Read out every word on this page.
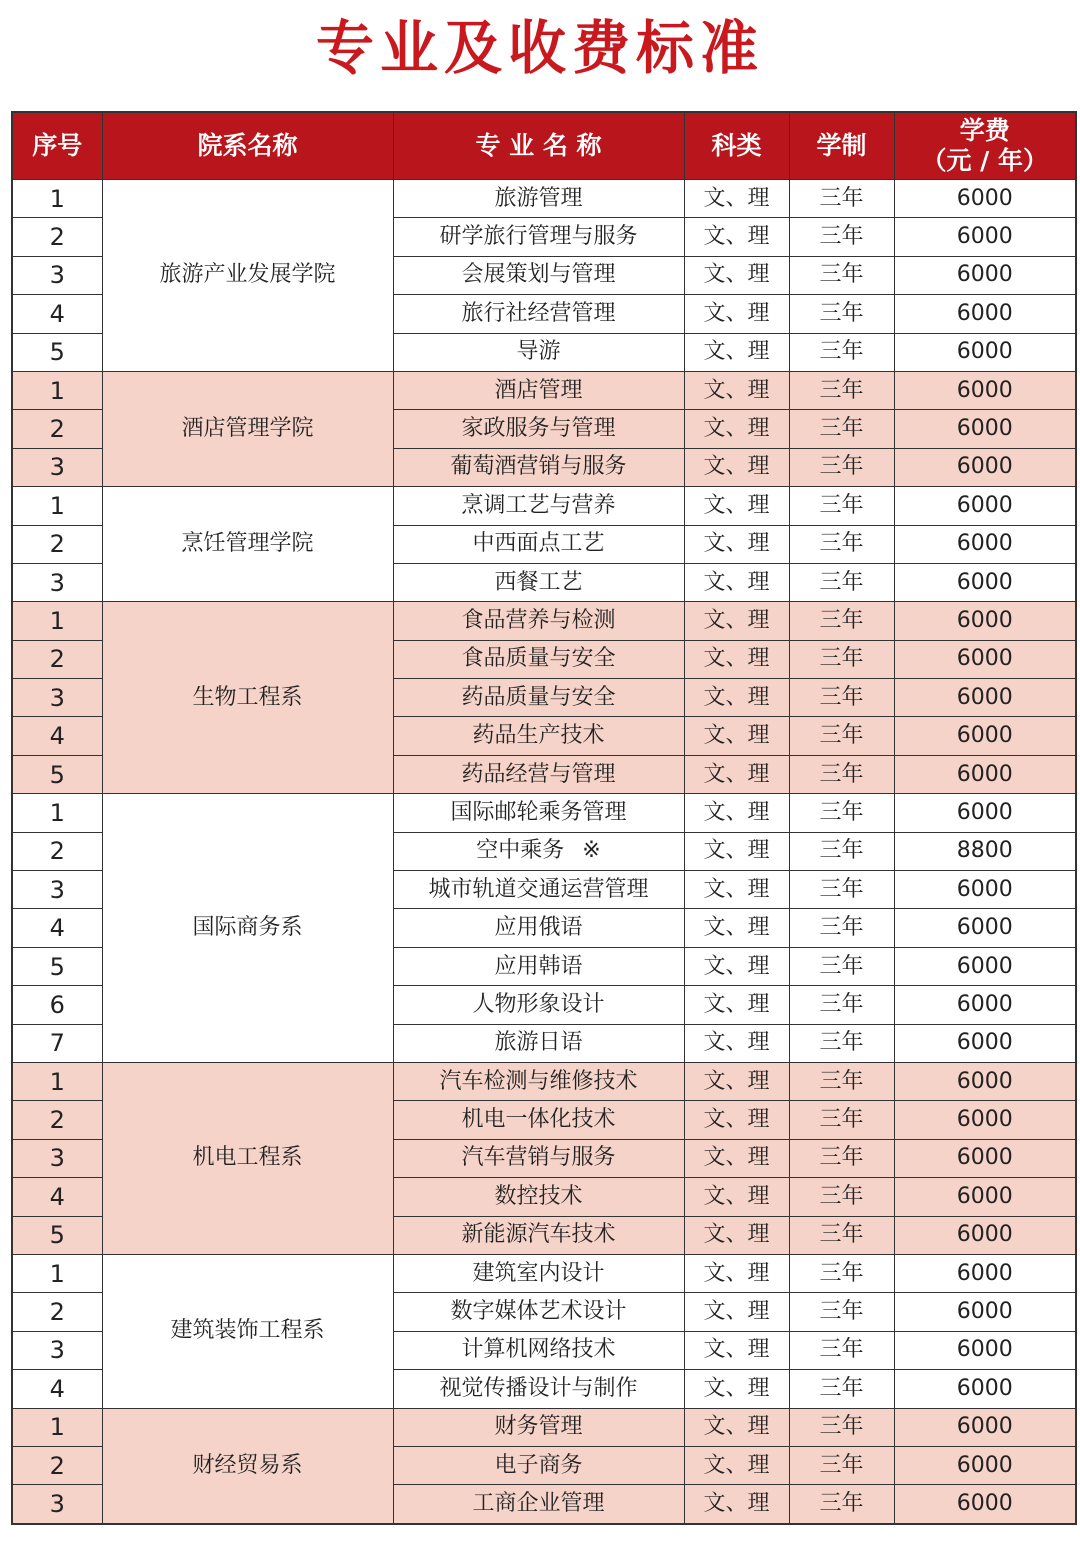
专业及收费标准
序号	院系名称	专 业 名 称	科类	学制	学费
（元 / 年）

1	旅游产业发展学院	旅游管理	文、理	三年	6000
2		研学旅行管理与服务	文、理	三年	6000
3		会展策划与管理	文、理	三年	6000
4		旅行社经营管理	文、理	三年	6000
5		导游	文、理	三年	6000
1	酒店管理学院	酒店管理	文、理	三年	6000
2		家政服务与管理	文、理	三年	6000
3		葡萄酒营销与服务	文、理	三年	6000
1	烹饪管理学院	烹调工艺与营养	文、理	三年	6000
2		中西面点工艺	文、理	三年	6000
3		西餐工艺	文、理	三年	6000
1	生物工程系	食品营养与检测	文、理	三年	6000
2		食品质量与安全	文、理	三年	6000
3		药品质量与安全	文、理	三年	6000
4		药品生产技术	文、理	三年	6000
5		药品经营与管理	文、理	三年	6000
1	国际商务系	国际邮轮乘务管理	文、理	三年	6000
2		空中乘务 ※	文、理	三年	8800
3		城市轨道交通运营管理	文、理	三年	6000
4		应用俄语	文、理	三年	6000
5		应用韩语	文、理	三年	6000
6		人物形象设计	文、理	三年	6000
7		旅游日语	文、理	三年	6000
1	机电工程系	汽车检测与维修技术	文、理	三年	6000
2		机电一体化技术	文、理	三年	6000
3		汽车营销与服务	文、理	三年	6000
4		数控技术	文、理	三年	6000
5		新能源汽车技术	文、理	三年	6000
1	建筑装饰工程系	建筑室内设计	文、理	三年	6000
2		数字媒体艺术设计	文、理	三年	6000
3		计算机网络技术	文、理	三年	6000
4		视觉传播设计与制作	文、理	三年	6000
1	财经贸易系	财务管理	文、理	三年	6000
2		电子商务	文、理	三年	6000
3		工商企业管理	文、理	三年	6000
